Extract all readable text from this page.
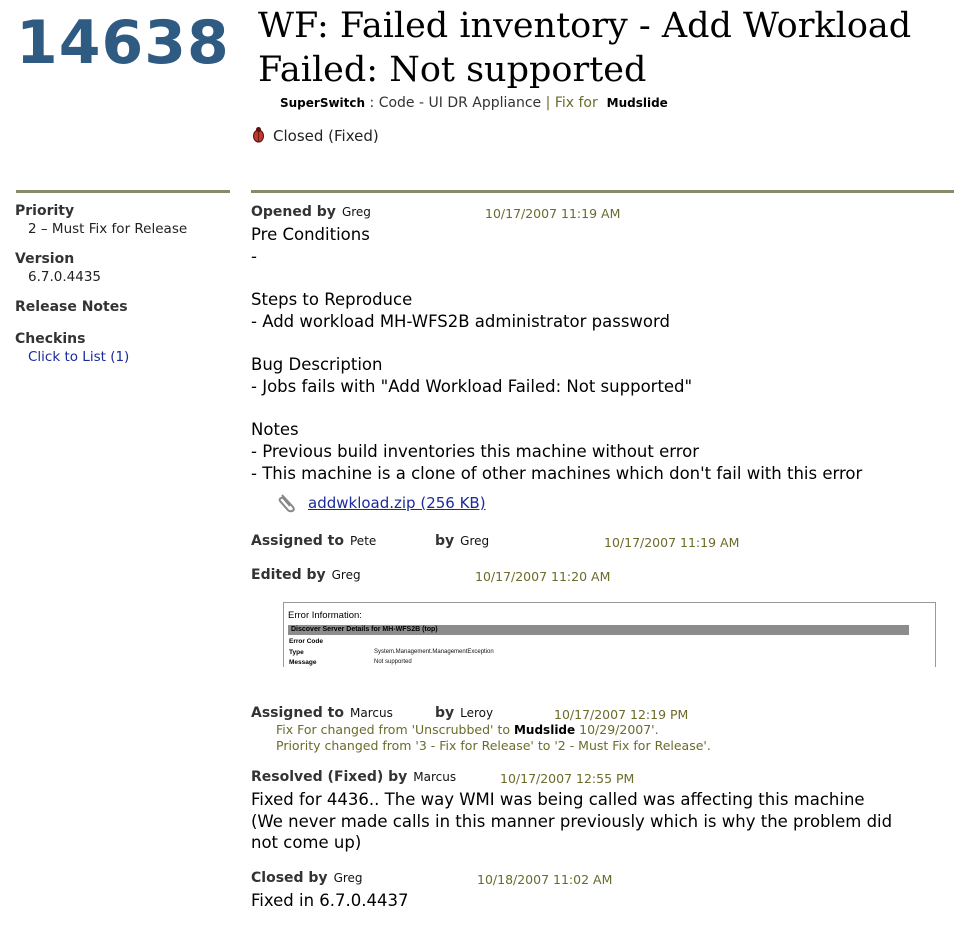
14638 WF: Failed inventory - Add Workload Failed: Not supported
SuperSwitch : Code - UI DR Appliance | Fix for Mudslide
Closed (Fixed)
Priority
2 – Must Fix for Release
Version
6.7.0.4435
Release Notes
Checkins
Click to List (1)
Opened by Greg	10/17/2007 11:19 AM
Pre Conditions
-

Steps to Reproduce
- Add workload MH-WFS2B administrator password

Bug Description
- Jobs fails with "Add Workload Failed: Not supported"

Notes
- Previous build inventories this machine without error
- This machine is a clone of other machines which don't fail with this error
addwkload.zip (256 KB)
Assigned to Pete	by Greg	10/17/2007 11:19 AM
Edited by Greg	10/17/2007 11:20 AM
Error Information:
Discover Server Details for MH-WFS2B (top)
Error Code
Type	System.Management.ManagementException
Message	Not supported
Assigned to Marcus	by Leroy	10/17/2007 12:19 PM
Fix For changed from 'Unscrubbed' to Mudslide 10/29/2007'.
Priority changed from '3 - Fix for Release' to '2 - Must Fix for Release'.
Resolved (Fixed) by Marcus	10/17/2007 12:55 PM
Fixed for 4436.. The way WMI was being called was affecting this machine
(We never made calls in this manner previously which is why the problem did
not come up)
Closed by Greg	10/18/2007 11:02 AM
Fixed in 6.7.0.4437
